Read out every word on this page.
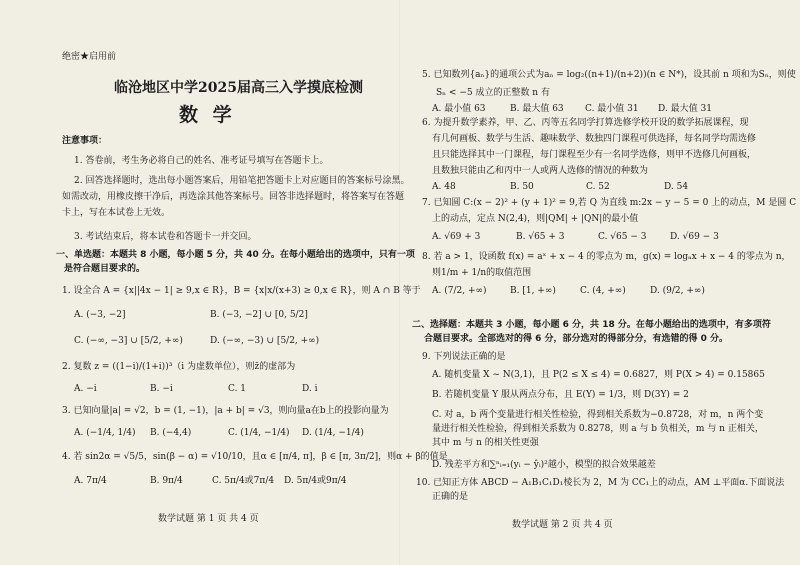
绝密★启用前
临沧地区中学2025届高三入学摸底检测
数 学
注意事项：
1. 答卷前，考生务必将自己的姓名、准考证号填写在答题卡上。
2. 回答选择题时，选出每小题答案后，用铅笔把答题卡上对应题目的答案标号涂黑。
如需改动，用橡皮擦干净后，再选涂其他答案标号。回答非选择题时，将答案写在答题
卡上，写在本试卷上无效。
3. 考试结束后，将本试卷和答题卡一并交回。
一、单选题：本题共 8 小题，每小题 5 分，共 40 分。在每小题给出的选项中，只有一项
是符合题目要求的。
1. 设全合 A = {x||4x − 1| ≥ 9,x ∈ R}，B = {x|x/(x+3) ≥ 0,x ∈ R}，则 A ∩ B 等于
A. (−3, −2]	B. (−3, −2] ∪ [0, 5/2]
C. (−∞, −3] ∪ [5/2, +∞)	D. (−∞, −3) ∪ [5/2, +∞)
2. 复数 z = ((1−i)/(1+i))³（i 为虚数单位），则z̄的虚部为
A. −i	B. −i	C. 1	D. i
3. 已知向量|a| = √2，b = (1, −1)，|a + b| = √3，则向量a在b上的投影向量为
A. (−1/4, 1/4) B. (−4,4)	C. (1/4, −1/4) D. (1/4, −1/4)
4. 若 sin2α = √5/5，sin(β − α) = √10/10，且α ∈ [π/4, π]，β ∈ [π, 3π/2]，则α + β的值是
A. 7π/4	B. 9π/4	C. 5π/4或7π/4 D. 5π/4或9π/4
数学试题 第 1 页 共 4 页
5. 已知数列{aₙ}的通项公式为aₙ = log₂((n+1)/(n+2))(n ∈ N*)，设其前 n 项和为Sₙ，则使
Sₙ < −5 成立的正整数 n 有
A. 最小值 63	B. 最大值 63 C. 最小值 31 D. 最大值 31
6. 为提升数学素养，甲、乙、丙等五名同学打算选修学校开设的数学拓展课程，现
有几何画板、数学与生活、趣味数学、数独四门课程可供选择，每名同学均需选修
且只能选择其中一门课程，每门课程至少有一名同学选修，则甲不选修几何画板，
且数独只能由乙和丙中一人或两人选修的情况的种数为
A. 48	B. 50	C. 52	D. 54
7. 已知圆 C:(x − 2)² + (y + 1)² = 9,若 Q 为直线 m:2x − y − 5 = 0 上的动点，M 是圆 C
上的动点，定点 N(2,4)，则|QM| + |QN|的最小值
A. √69 + 3	B. √65 + 3	C. √65 − 3	D. √69 − 3
8. 若 a > 1，设函数 f(x) = aˣ + x − 4 的零点为 m，g(x) = logₐx + x − 4 的零点为 n，
则1/m + 1/n的取值范围
A. (7/2, +∞)	B. [1, +∞)	C. (4, +∞)	D. (9/2, +∞)
二、选择题：本题共 3 小题，每小题 6 分，共 18 分。在每小题给出的选项中，有多项符
合题目要求。全部选对的得 6 分，部分选对的得部分分，有选错的得 0 分。
9. 下列说法正确的是
A. 随机变量 X ~ N(3,1)，且 P(2 ≤ X ≤ 4) = 0.6827，则 P(X > 4) = 0.15865
B. 若随机变量 Y 服从两点分布，且 E(Y) = 1/3，则 D(3Y) = 2
C. 对 a，b 两个变量进行相关性检验，得到相关系数为−0.8728，对 m，n 两个变
量进行相关性检验，得到相关系数为 0.8278，则 a 与 b 负相关，m 与 n 正相关，
其中 m 与 n 的相关性更强
D. 残差平方和∑ⁿᵢ₌₁(yᵢ − ŷᵢ)²越小，模型的拟合效果越差
10. 已知正方体 ABCD − A₁B₁C₁D₁棱长为 2，M 为 CC₁上的动点，AM ⊥平面α.下面说法
正确的是
数学试题 第 2 页 共 4 页
